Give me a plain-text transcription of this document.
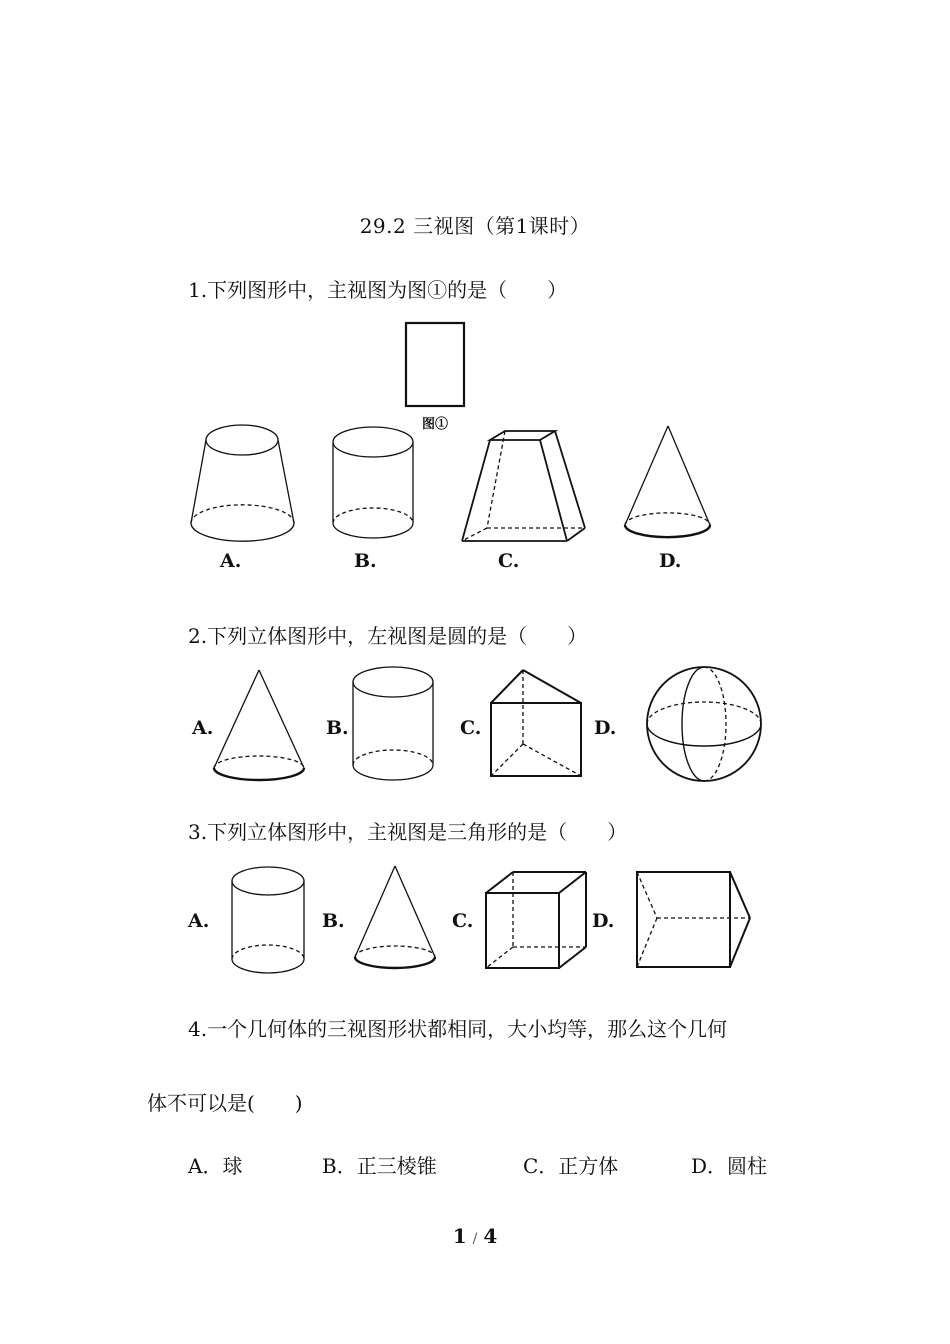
29.2 三视图（第1课时）
1.下列图形中，主视图为图①的是（　　）
2.下列立体图形中，左视图是圆的是（　　）
3.下列立体图形中，主视图是三角形的是（　　）
4.一个几何体的三视图形状都相同，大小均等，那么这个几何
体不可以是(　　)
A．球	B．正三棱锥	C．正方体	D．圆柱
1 / 4
图①
A.	B.	C.	D.
A.	B.	C.	D.
A.	B.	C.	D.
